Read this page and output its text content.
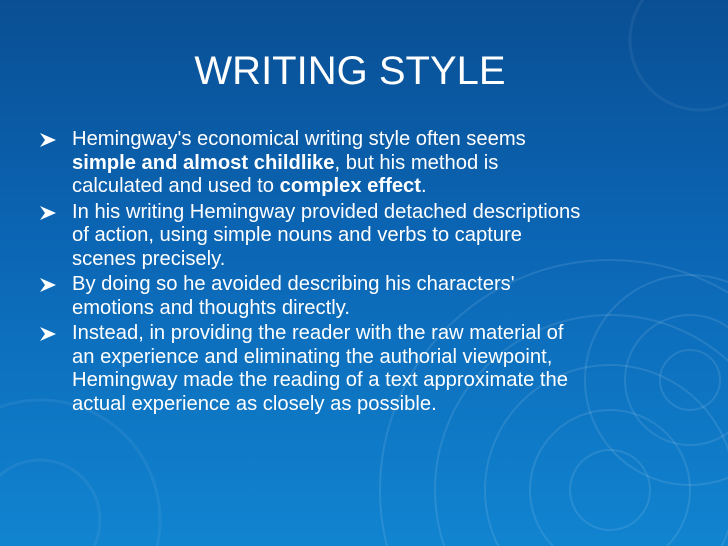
WRITING STYLE
Hemingway's economical writing style often seems
simple and almost childlike, but his method is
calculated and used to complex effect.
In his writing Hemingway provided detached descriptions
of action, using simple nouns and verbs to capture
scenes precisely.
By doing so he avoided describing his characters'
emotions and thoughts directly.
Instead, in providing the reader with the raw material of
an experience and eliminating the authorial viewpoint,
Hemingway made the reading of a text approximate the
actual experience as closely as possible.
